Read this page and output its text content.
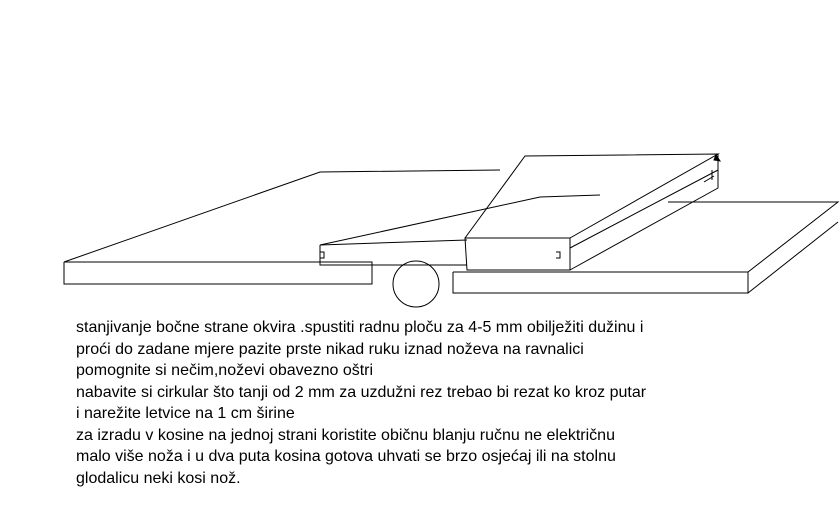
stanjivanje bočne strane okvira .spustiti radnu ploču za 4-5 mm obilježiti dužinu i
proći do zadane mjere pazite prste nikad ruku iznad noževa na ravnalici
pomognite si nečim,noževi obavezno oštri
nabavite si cirkular što tanji od 2 mm za uzdužni rez trebao bi rezat ko kroz putar
i narežite letvice na 1 cm širine
za izradu v kosine na jednoj strani koristite običnu blanju ručnu ne električnu
malo više noža i u dva puta kosina gotova uhvati se brzo osjećaj ili na stolnu
glodalicu neki kosi nož.
